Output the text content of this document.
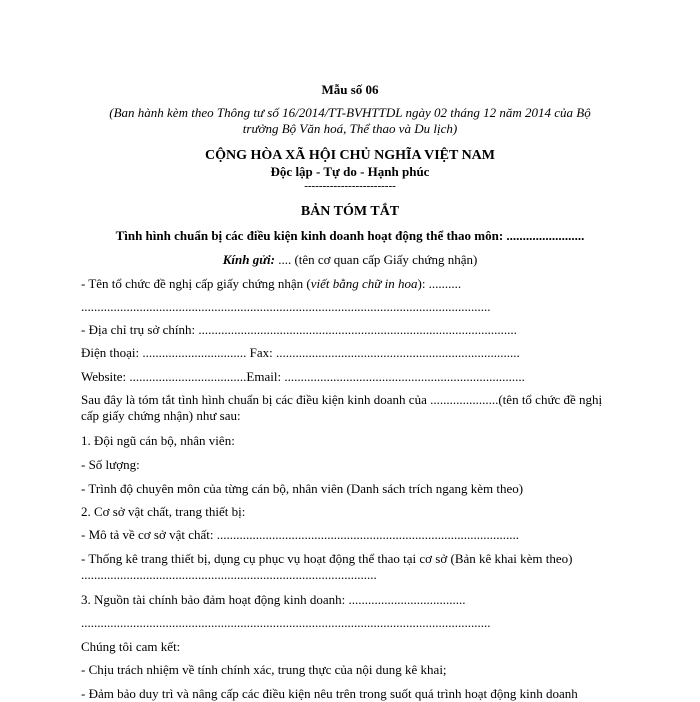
Mẫu số 06
(Ban hành kèm theo Thông tư số 16/2014/TT-BVHTTDL ngày 02 tháng 12 năm 2014 của Bộ trưởng Bộ Văn hoá, Thể thao và Du lịch)
CỘNG HÒA XÃ HỘI CHỦ NGHĨA VIỆT NAM
Độc lập - Tự do - Hạnh phúc
-------------------------
BẢN TÓM TẮT
Tình hình chuẩn bị các điều kiện kinh doanh hoạt động thể thao môn: ........................
Kính gửi: .... (tên cơ quan cấp Giấy chứng nhận)
- Tên tổ chức đề nghị cấp giấy chứng nhận (viết bằng chữ in hoa): ..........
..............................................................................................................................
- Địa chỉ trụ sở chính: ..................................................................................................
Điện thoại: ................................ Fax: ...........................................................................
Website: ....................................Email: ..........................................................................
Sau đây là tóm tắt tình hình chuẩn bị các điều kiện kinh doanh của .....................(tên tổ chức đề nghị cấp giấy chứng nhận) như sau:
1. Đội ngũ cán bộ, nhân viên:
- Số lượng:
- Trình độ chuyên môn của từng cán bộ, nhân viên (Danh sách trích ngang kèm theo)
2. Cơ sở vật chất, trang thiết bị:
- Mô tả về cơ sở vật chất: .............................................................................................
- Thống kê trang thiết bị, dụng cụ phục vụ hoạt động thể thao tại cơ sở (Bản kê khai kèm theo) ...........................................................................................
3. Nguồn tài chính bảo đảm hoạt động kinh doanh: ....................................
..............................................................................................................................
Chúng tôi cam kết:
- Chịu trách nhiệm về tính chính xác, trung thực của nội dung kê khai;
- Đảm bảo duy trì và nâng cấp các điều kiện nêu trên trong suốt quá trình hoạt động kinh doanh
